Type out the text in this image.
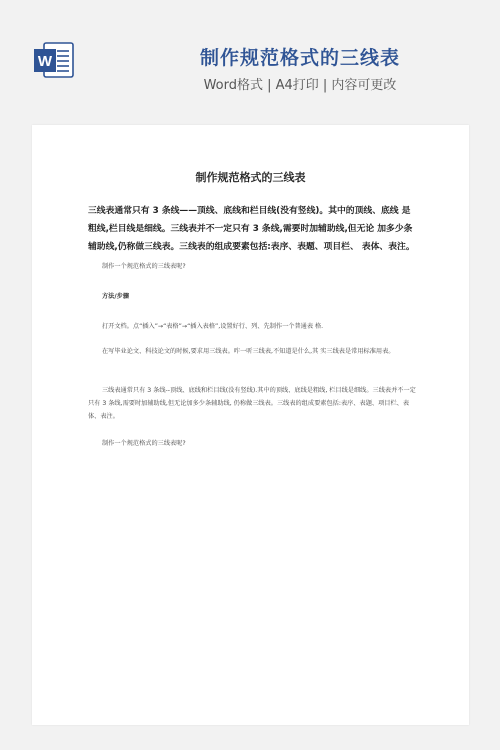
W	制作规范格式的三线表
Word格式 | A4打印 | 内容可更改
制作规范格式的三线表
三线表通常只有 3 条线——顶线、底线和栏目线(没有竖线)。其中的顶线、底线 是粗线,栏目线是细线。三线表并不一定只有 3 条线,需要时加辅助线,但无论 加多少条辅助线,仍称做三线表。三线表的组成要素包括:表序、表题、项目栏、 表体、表注。
制作一个规范格式的三线表呢?
方法/步骤
打开文档。点“插入”→“表格”→“插入表格”,设置好行、列、先制作一个普通表 格.
在写毕业论文、科技论文的时候,要求用三线表。咋一听三线表,不知道是什么,其 实三线表是常用标准用表。
三线表通常只有 3 条线--顶线、底线和栏目线(没有竖线).其中的顶线、底线是粗线, 栏目线是细线。三线表并不一定只有 3 条线,需要时加辅助线,但无论加多少条辅助线, 仍称做三线表。三线表的组成要素包括:表序、表题、项目栏、表体、表注。
制作一个规范格式的三线表呢?
